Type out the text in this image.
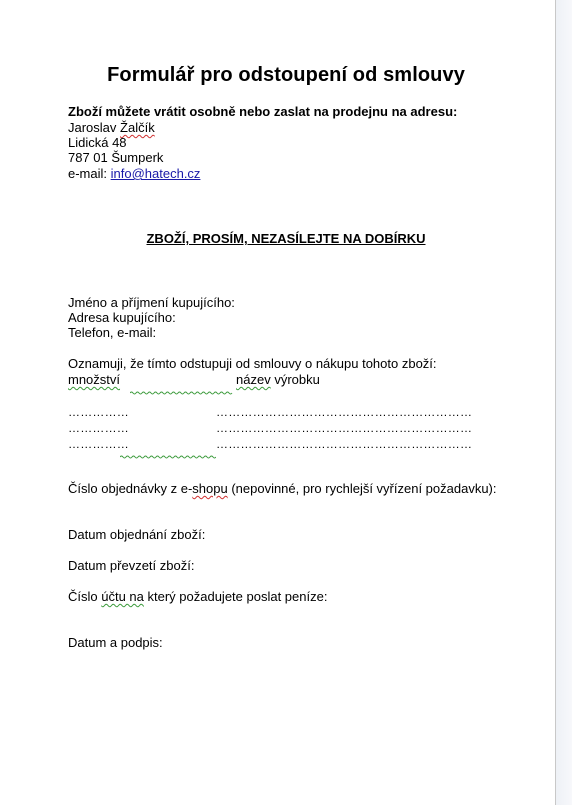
Formulář pro odstoupení od smlouvy
Zboží můžete vrátit osobně nebo zaslat na prodejnu na adresu:
Jaroslav Žalčík
Lidická 48
787 01 Šumperk
e-mail: info@hatech.cz
ZBOŽÍ, PROSÍM, NEZASÍLEJTE NA DOBÍRKU
Jméno a příjmení kupujícího:
Adresa kupujícího:
Telefon, e-mail:
Oznamuji, že tímto odstupuji od smlouvy o nákupu tohoto zboží:
množství	název výrobku
……………	………………………………………………………
……………	………………………………………………………
……………	………………………………………………………
Číslo objednávky z e-shopu (nepovinné, pro rychlejší vyřízení požadavku):
Datum objednání zboží:
Datum převzetí zboží:
Číslo účtu na který požadujete poslat peníze:
Datum a podpis:
